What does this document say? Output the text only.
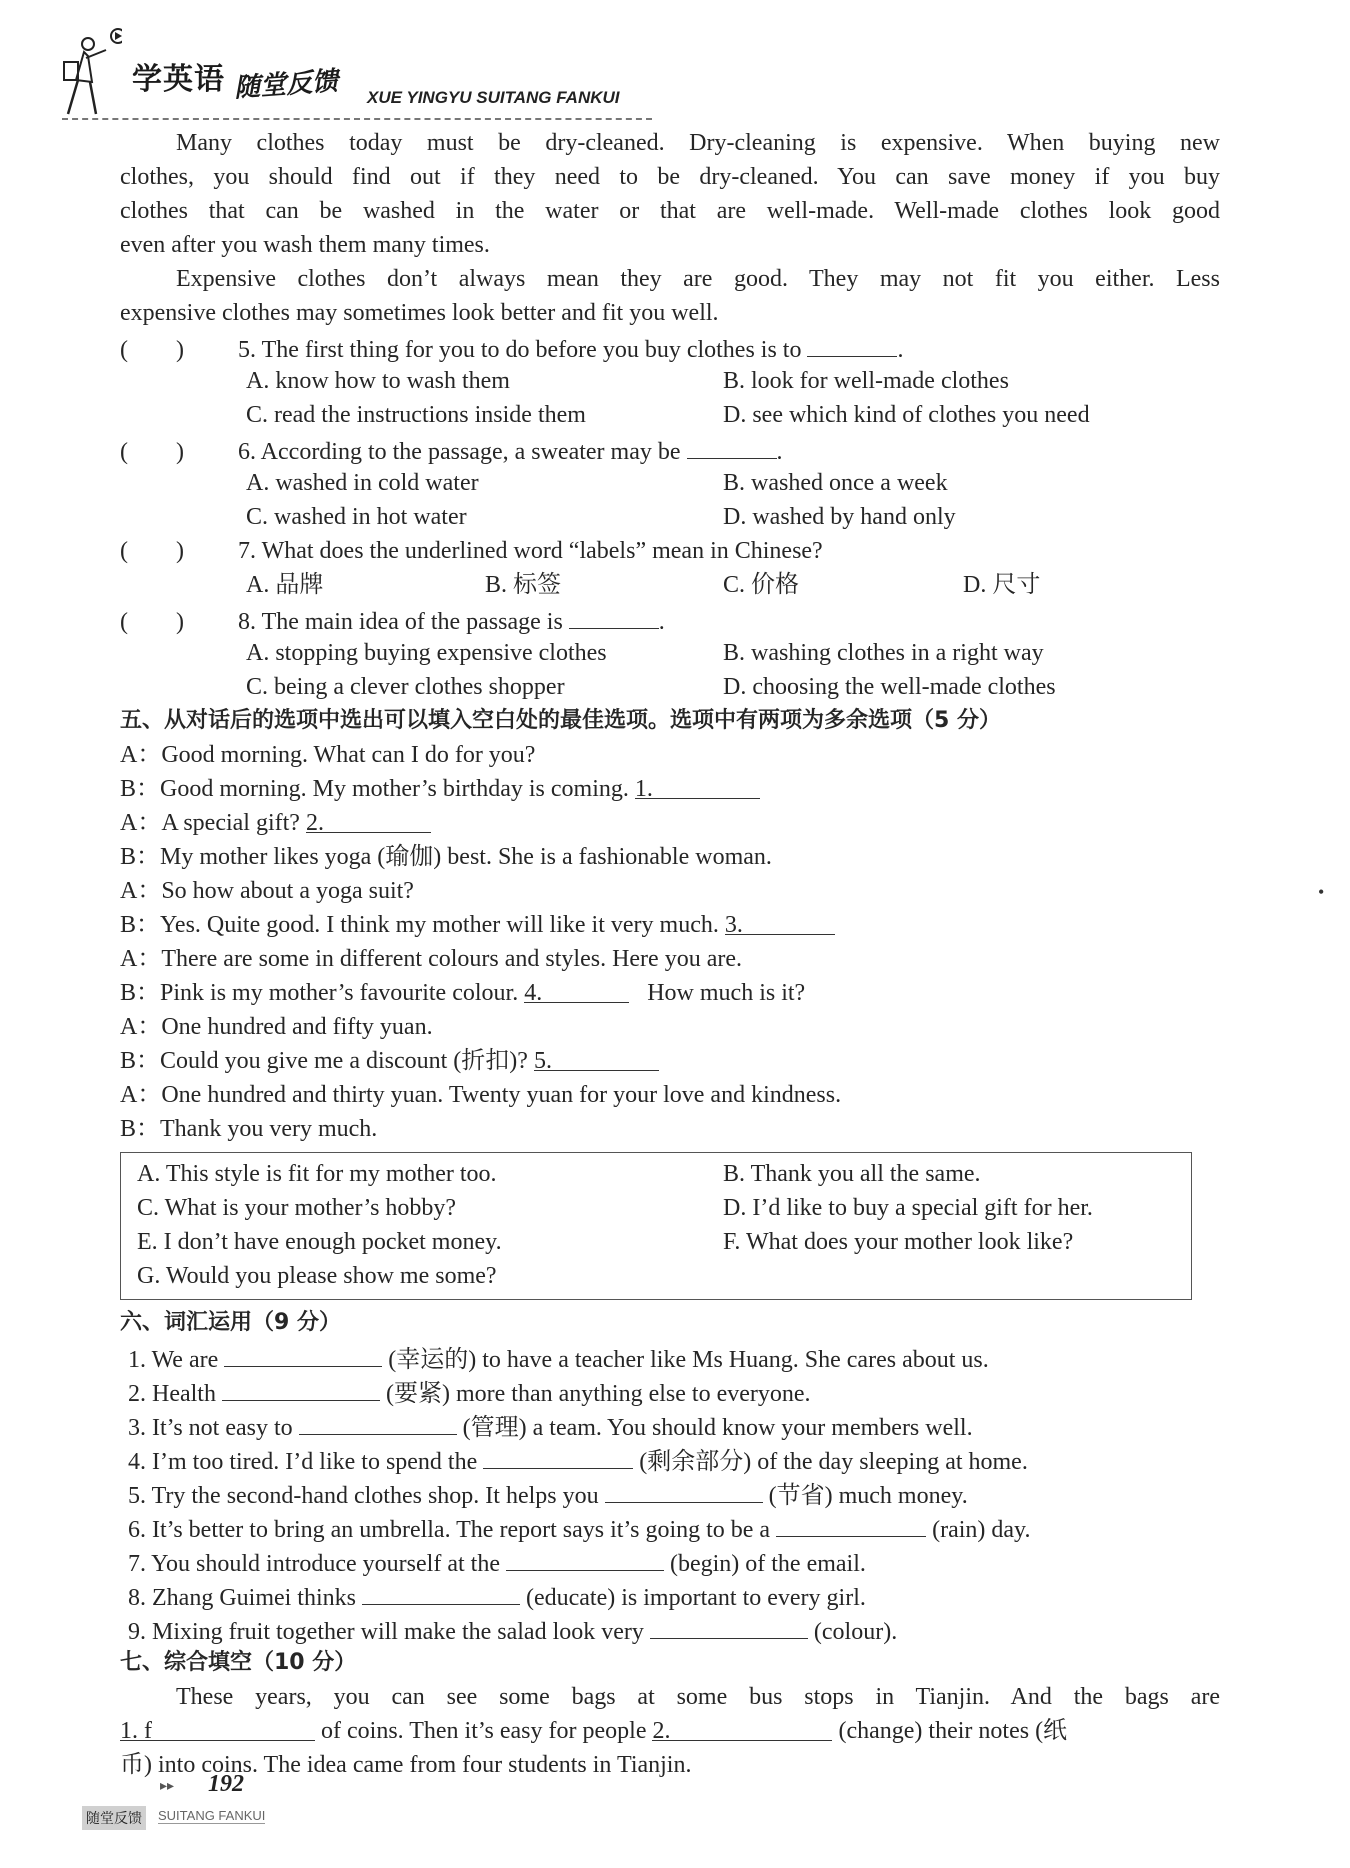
学英语 随堂反馈 XUE YINGYU SUITANG FANKUI
Many clothes today must be dry-cleaned. Dry-cleaning is expensive. When buying new
clothes, you should find out if they need to be dry-cleaned. You can save money if you buy
clothes that can be washed in the water or that are well-made. Well-made clothes look good
even after you wash them many times.
Expensive clothes don’t always mean they are good. They may not fit you either. Less
expensive clothes may sometimes look better and fit you well.
(　　) 5. The first thing for you to do before you buy clothes is to	.
A. know how to wash them	B. look for well-made clothes
C. read the instructions inside them	D. see which kind of clothes you need
(　　) 6. According to the passage, a sweater may be	.
A. washed in cold water	B. washed once a week
C. washed in hot water	D. washed by hand only
(　　) 7. What does the underlined word “labels” mean in Chinese?
A. 品牌	B. 标签	C. 价格	D. 尺寸
(　　) 8. The main idea of the passage is	.
A. stopping buying expensive clothes	B. washing clothes in a right way
C. being a clever clothes shopper	D. choosing the well-made clothes
五、从对话后的选项中选出可以填入空白处的最佳选项。选项中有两项为多余选项（5 分）
A：Good morning. What can I do for you?
B：Good morning. My mother’s birthday is coming. 1.
A：A special gift? 2.
B：My mother likes yoga (瑜伽) best. She is a fashionable woman.
A：So how about a yoga suit?
B：Yes. Quite good. I think my mother will like it very much. 3.
A：There are some in different colours and styles. Here you are.
B：Pink is my mother’s favourite colour. 4.	How much is it?
A：One hundred and fifty yuan.
B：Could you give me a discount (折扣)? 5.
A：One hundred and thirty yuan. Twenty yuan for your love and kindness.
B：Thank you very much.
A. This style is fit for my mother too.	B. Thank you all the same.
C. What is your mother’s hobby?	D. I’d like to buy a special gift for her.
E. I don’t have enough pocket money.	F. What does your mother look like?
G. Would you please show me some?
六、词汇运用（9 分）
1. We are	(幸运的) to have a teacher like Ms Huang. She cares about us.
2. Health	(要紧) more than anything else to everyone.
3. It’s not easy to	(管理) a team. You should know your members well.
4. I’m too tired. I’d like to spend the	(剩余部分) of the day sleeping at home.
5. Try the second-hand clothes shop. It helps you	(节省) much money.
6. It’s better to bring an umbrella. The report says it’s going to be a	(rain) day.
7. You should introduce yourself at the	(begin) of the email.
8. Zhang Guimei thinks	(educate) is important to every girl.
9. Mixing fruit together will make the salad look very	(colour).
七、综合填空（10 分）
These years, you can see some bags at some bus stops in Tianjin. And the bags are
1. f	of coins. Then it’s easy for people 2.	(change) their notes (纸
币) into coins. The idea came from four students in Tianjin.
•
▸▸ 192
随堂反馈	SUITANG FANKUI
